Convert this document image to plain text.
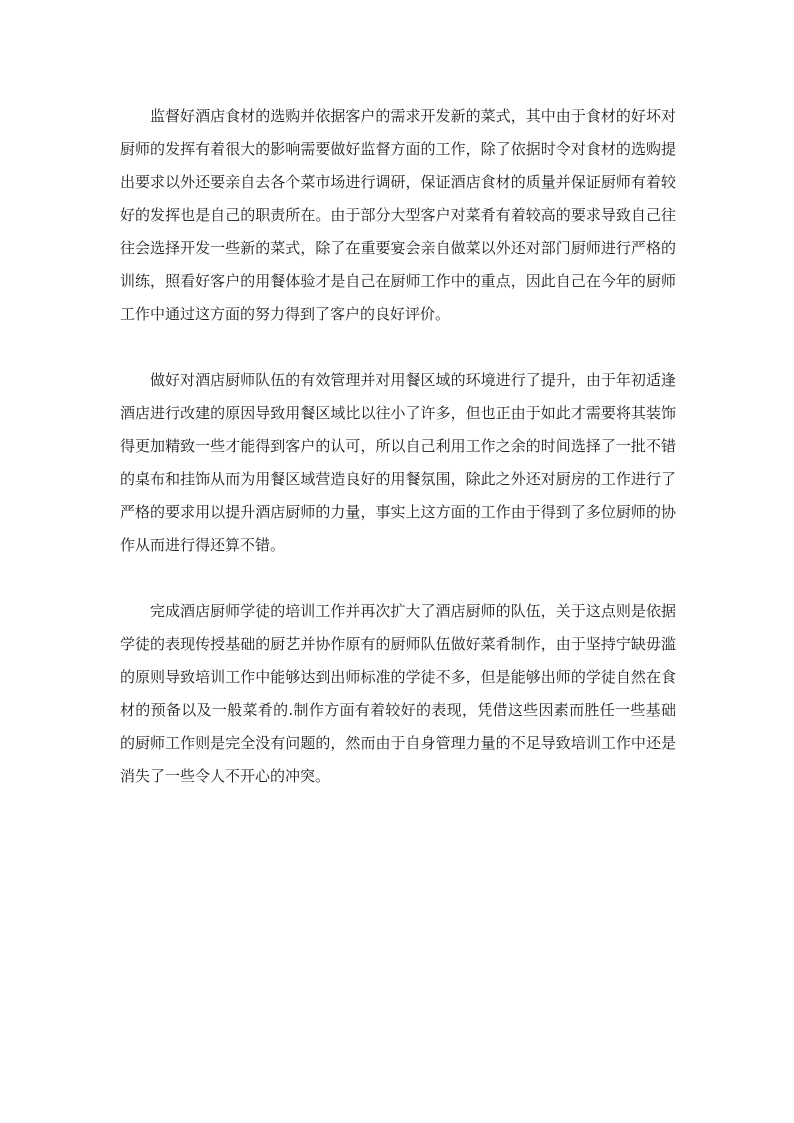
监督好酒店食材的选购并依据客户的需求开发新的菜式，其中由于食材的好坏对厨师的发挥有着很大的影响需要做好监督方面的工作，除了依据时令对食材的选购提出要求以外还要亲自去各个菜市场进行调研，保证酒店食材的质量并保证厨师有着较好的发挥也是自己的职责所在。由于部分大型客户对菜肴有着较高的要求导致自己往往会选择开发一些新的菜式，除了在重要宴会亲自做菜以外还对部门厨师进行严格的训练，照看好客户的用餐体验才是自己在厨师工作中的重点，因此自己在今年的厨师工作中通过这方面的努力得到了客户的良好评价。

做好对酒店厨师队伍的有效管理并对用餐区域的环境进行了提升，由于年初适逢酒店进行改建的原因导致用餐区域比以往小了许多，但也正由于如此才需要将其装饰得更加精致一些才能得到客户的认可，所以自己利用工作之余的时间选择了一批不错的桌布和挂饰从而为用餐区域营造良好的用餐氛围，除此之外还对厨房的工作进行了严格的要求用以提升酒店厨师的力量，事实上这方面的工作由于得到了多位厨师的协作从而进行得还算不错。

完成酒店厨师学徒的培训工作并再次扩大了酒店厨师的队伍，关于这点则是依据学徒的表现传授基础的厨艺并协作原有的厨师队伍做好菜肴制作，由于坚持宁缺毋滥的原则导致培训工作中能够达到出师标准的学徒不多，但是能够出师的学徒自然在食材的预备以及一般菜肴的.制作方面有着较好的表现，凭借这些因素而胜任一些基础的厨师工作则是完全没有问题的，然而由于自身管理力量的不足导致培训工作中还是消失了一些令人不开心的冲突。
